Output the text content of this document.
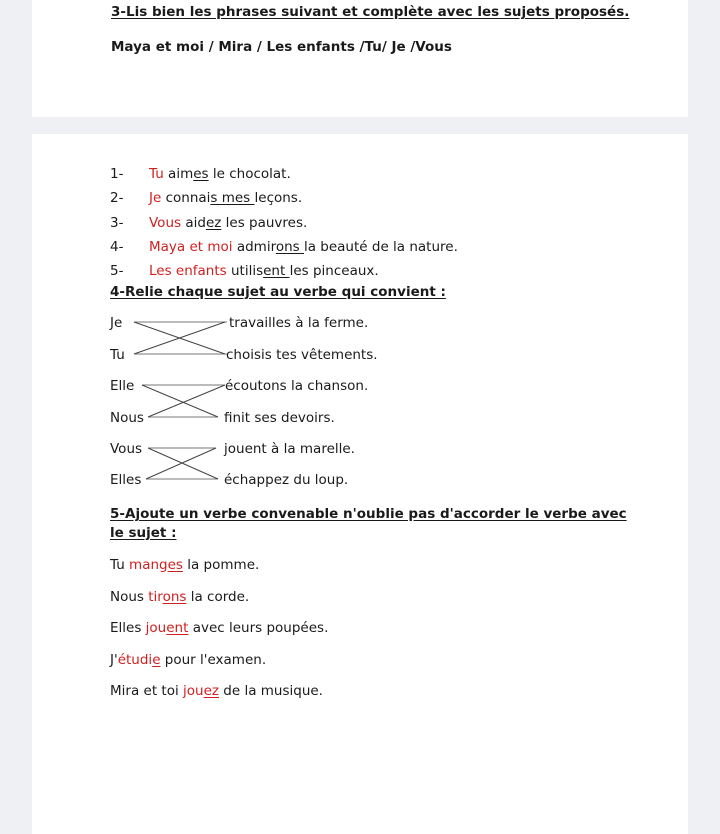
3-Lis bien les phrases suivant et complète avec les sujets proposés.
Maya et moi / Mira / Les enfants /Tu/ Je /Vous
1- Tu aimes le chocolat.
2- Je connais mes leçons.
3- Vous aidez les pauvres.
4- Maya et moi admirons la beauté de la nature.
5- Les enfants utilisent les pinceaux.
4-Relie chaque sujet au verbe qui convient :
Je
Tu
Elle
Nous
Vous
Elles
travailles à la ferme.
choisis tes vêtements.
écoutons la chanson.
finit ses devoirs.
jouent à la marelle.
échappez du loup.
5-Ajoute un verbe convenable n'oublie pas d'accorder le verbe avec
le sujet :
Tu manges la pomme.
Nous tirons la corde.
Elles jouent avec leurs poupées.
J'étudie pour l'examen.
Mira et toi jouez de la musique.
